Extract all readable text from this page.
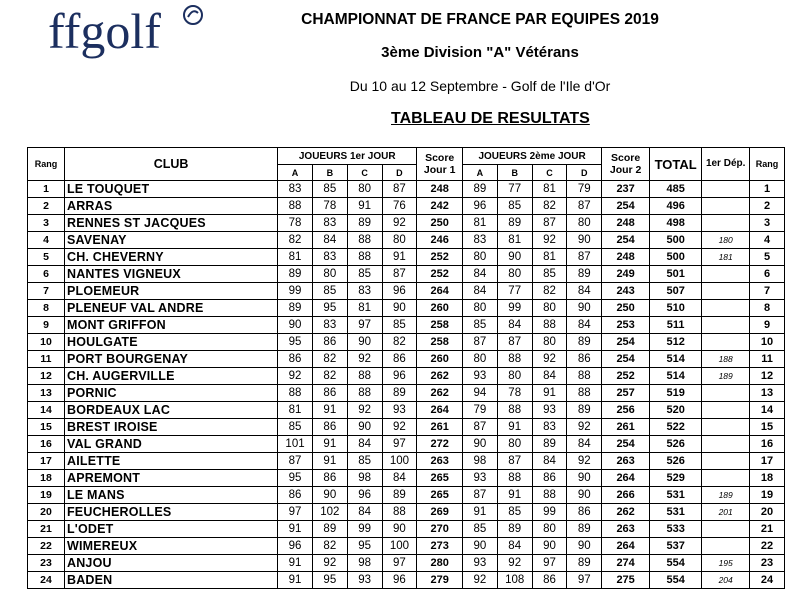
ffgolf	CHAMPIONNAT DE FRANCE PAR EQUIPES 2019
3ème Division "A" Vétérans
Du 10 au 12 Septembre - Golf de l'Ile d'Or
TABLEAU DE RESULTATS
Rang	CLUB	JOUEURS 1er JOUR				Score Jour 1	JOUEURS 2ème JOUR				Score Jour 2	TOTAL	1er Dép.	Rang
		A	B	C	D		A	B	C	D				
1	LE TOUQUET	83	85	80	87	248	89	77	81	79	237	485		1
2	ARRAS	88	78	91	76	242	96	85	82	87	254	496		2
3	RENNES ST JACQUES	78	83	89	92	250	81	89	87	80	248	498		3
4	SAVENAY	82	84	88	80	246	83	81	92	90	254	500	180	4
5	CH. CHEVERNY	81	83	88	91	252	80	90	81	87	248	500	181	5
6	NANTES VIGNEUX	89	80	85	87	252	84	80	85	89	249	501		6
7	PLOEMEUR	99	85	83	96	264	84	77	82	84	243	507		7
8	PLENEUF VAL ANDRE	89	95	81	90	260	80	99	80	90	250	510		8
9	MONT GRIFFON	90	83	97	85	258	85	84	88	84	253	511		9
10	HOULGATE	95	86	90	82	258	87	87	80	89	254	512		10
11	PORT BOURGENAY	86	82	92	86	260	80	88	92	86	254	514	188	11
12	CH. AUGERVILLE	92	82	88	96	262	93	80	84	88	252	514	189	12
13	PORNIC	88	86	88	89	262	94	78	91	88	257	519		13
14	BORDEAUX LAC	81	91	92	93	264	79	88	93	89	256	520		14
15	BREST IROISE	85	86	90	92	261	87	91	83	92	261	522		15
16	VAL GRAND	101	91	84	97	272	90	80	89	84	254	526		16
17	AILETTE	87	91	85	100	263	98	87	84	92	263	526		17
18	APREMONT	95	86	98	84	265	93	88	86	90	264	529		18
19	LE MANS	86	90	96	89	265	87	91	88	90	266	531	189	19
20	FEUCHEROLLES	97	102	84	88	269	91	85	99	86	262	531	201	20
21	L'ODET	91	89	99	90	270	85	89	80	89	263	533		21
22	WIMEREUX	96	82	95	100	273	90	84	90	90	264	537		22
23	ANJOU	91	92	98	97	280	93	92	97	89	274	554	195	23
24	BADEN	91	95	93	96	279	92	108	86	97	275	554	204	24
